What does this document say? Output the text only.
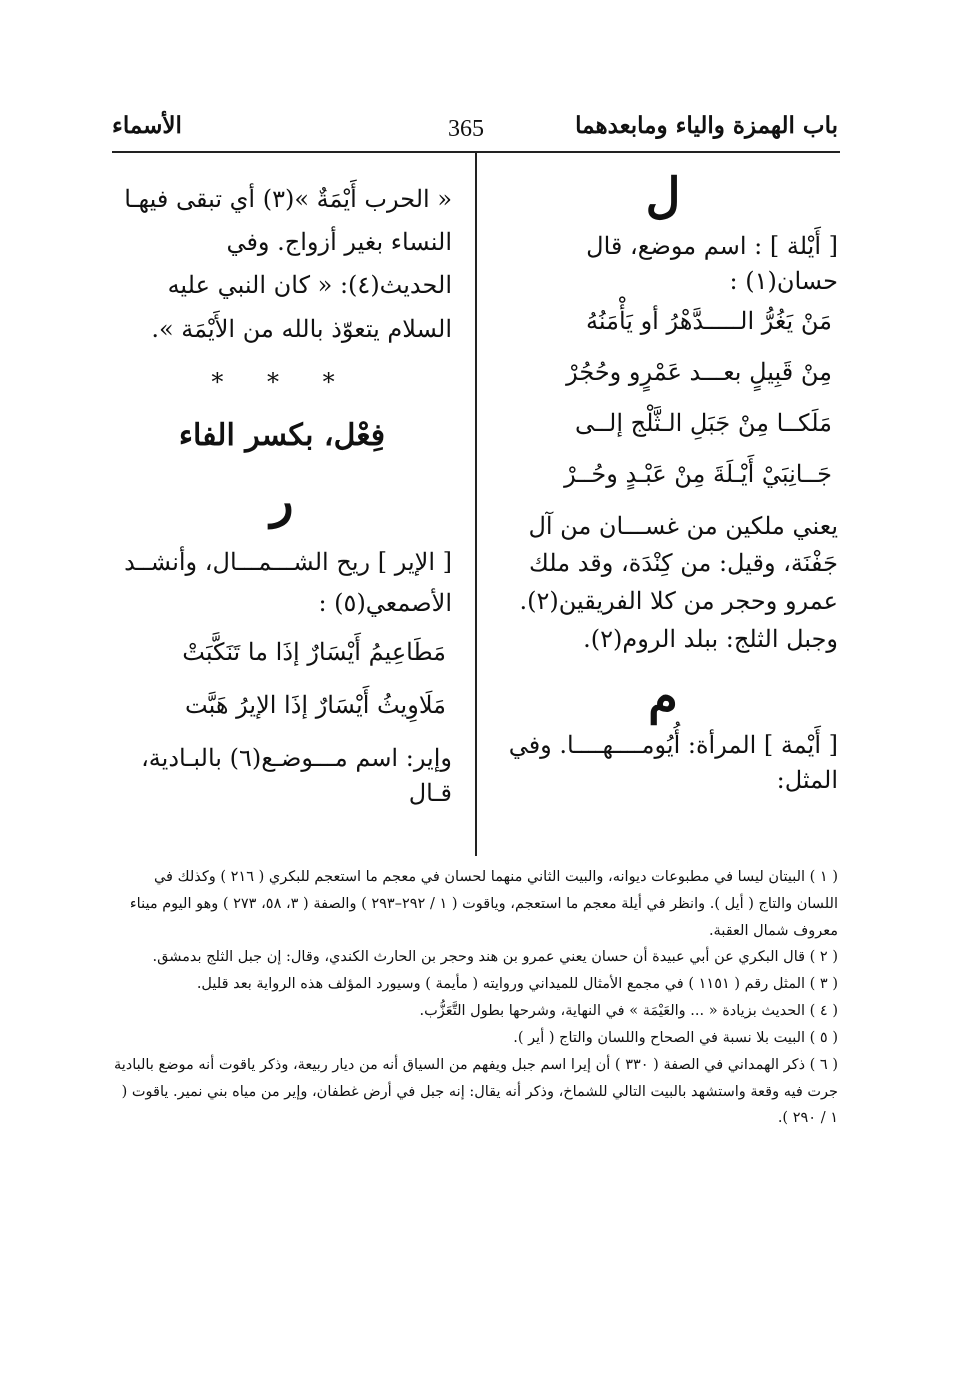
باب الهمزة والياء ومابعدهما
365
الأسماء

ل

[ أَيْلة ] : اسم موضع، قال حسان(١) :

مَنْ يَغُرُّ الـــــدَّهْرُ أو يَأْمَنُهُ

مِنْ قَبِيلٍ بعـــد عَمْرٍو وحُجُرْ

مَلَكــا مِنْ جَبَلِ الـثَّلْج إلــى

جَــانِبَيْ أَيْـلَةَ مِنْ عَبْـدٍ وحُــرْ

يعني ملكين من غســـان من آل جَفْنَة، وقيل: من كِنْدَة، وقد ملك عمرو وحجر من كلا الفريقين(٢). وجبل الثلج: ببلد الروم(٢).

م

[ أَيْمة ] المرأة: أُيُومــــهــــا. وفي المثل:

« الحرب أَيْمَةٌ »(٣) أي تبقى فيهـا النساء بغير أزواج. وفي الحديث(٤): « كان النبي عليه السلام يتعوّذ بالله من الأَيْمَة ».

* * *

فِعْل، بكسر الفاء

ر

[ الإير ] ريح الشـــمـــال، وأنشــد الأصمعي(٥) :

مَطَاعِيمُ أَيْسَارٌ إذَا ما تَنَكَّبَتْ

مَلَاوِيثُ أَيْسَارٌ إذَا الإيرُ هَبَّت

وإير: اسم مـــوضـع(٦) بالبـادية، قـال

( ١ ) البيتان ليسا في مطبوعات ديوانه، والبيت الثاني منهما لحسان في معجم ما استعجم للبكري ( ٢١٦ ) وكذلك في اللسان والتاج ( أيل ). وانظر في أيلة معجم ما استعجم، وياقوت ( ١ / ٢٩٢–٢٩٣ ) والصفة ( ٣، ٥٨، ٢٧٣ ) وهو اليوم ميناء معروف شمال العقبة.

( ٢ ) قال البكري عن أبي عبيدة أن حسان يعني عمرو بن هند وحجر بن الحارث الكندي، وقال: إن جبل الثلج بدمشق.

( ٣ ) المثل رقم ( ١١٥١ ) في مجمع الأمثال للميداني وروايته ( مأيمة ) وسيورد المؤلف هذه الرواية بعد قليل.

( ٤ ) الحديث بزيادة « ... والعَيْمَة » في النهاية، وشرحها بطول التَّعَزُّب.

( ٥ ) البيت بلا نسبة في الصحاح واللسان والتاج ( أير ).

( ٦ ) ذكر الهمداني في الصفة ( ٣٣٠ ) أن إيرا اسم جبل ويفهم من السياق أنه من ديار ربيعة، وذكر ياقوت أنه موضع بالبادية جرت فيه وقعة واستشهد بالبيت التالي للشماخ، وذكر أنه يقال: إنه جبل في أرض غطفان، وإير من مياه بني نمير. ياقوت ( ١ / ٢٩٠ ).
